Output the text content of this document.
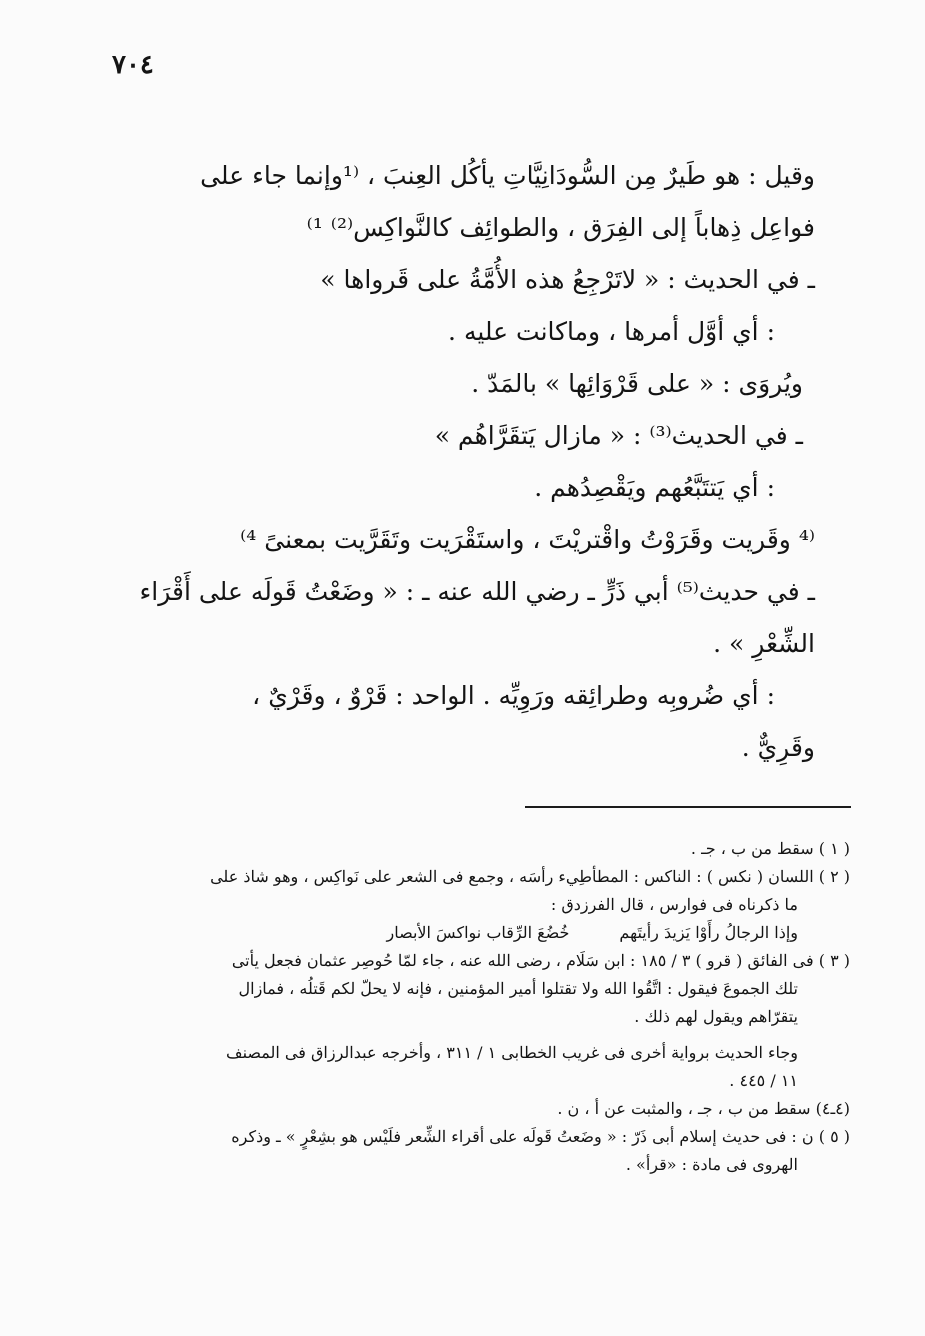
٧٠٤
وقيل : هو طَيرٌ مِن السُّودَانِيَّاتِ يأكُل العِنبَ ، ⁽¹وإنما جاء على
فواعِل ذِهاباً إلى الفِرَق ، والطوائِف كالنَّواكِس⁽²⁾ ¹⁾
ـ في الحديث : « لاتَرْجِعُ هذه الأُمَّةُ على قَرواها »
: أي أوَّل أمرها ، وماكانت عليه .
ويُروَى : « على قَرْوَائِها » بالمَدّ .
ـ في الحديث⁽³⁾ : « مازال يَتقَرَّاهُم »
: أي يَتتَبَّعُهم ويَقْصِدُهم .
⁽⁴ وقَريت وقَرَوْتُ واقْتريْتَ ، واستَقْرَيت وتَقَرَّيت بمعنىً ⁴⁾
ـ في حديث⁽⁵⁾ أبي ذَرٍّ ـ رضي الله عنه ـ : « وضَعْتُ قَولَه على أَقْرَاء
الشِّعْرِ » .
: أي ضُروبِه وطرائِقه ورَوِيِّه . الواحد : قَرْوٌ ، وقَرْيٌ ،
وقَرِيٌّ .
( ١ ) سقط من ب ، جـ .
( ٢ ) اللسان ( نكس ) : الناكس : المطأطِيء رأسَه ، وجمع فى الشعر على نَواكِس ، وهو شاذ على
ما ذكرناه فى فوارس ، قال الفرزدق :
وإذا الرجالُ رأَوْا يَزيدَ رأيتَهم
خُضُعَ الرِّقاب نواكسَ الأبصار
( ٣ ) فى الفائق ( قرو ) ٣ / ١٨٥ : ابن سَلَام ، رضى الله عنه ، جاء لمّا حُوصِر عثمان فجعل يأتى
تلك الجموعَ فيقول : اتَّقُوا الله ولا تقتلوا أمير المؤمنين ، فإنه لا يحلّ لكم قَتلُه ، فمازال
يتقرّاهم ويقول لهم ذلك .
وجاء الحديث برواية أخرى فى غريب الخطابى ١ / ٣١١ ، وأخرجه عبدالرزاق فى المصنف
١١ / ٤٤٥ .
(٤ـ٤) سقط من ب ، جـ ، والمثبت عن أ ، ن .
( ٥ ) ن : فى حديث إسلام أبى ذَرّ : « وضَعتُ قَولَه على أقراء الشِّعر فلَيْس هو بشِعْرٍ » ـ وذكره
الهروى فى مادة : «قرأ» .
